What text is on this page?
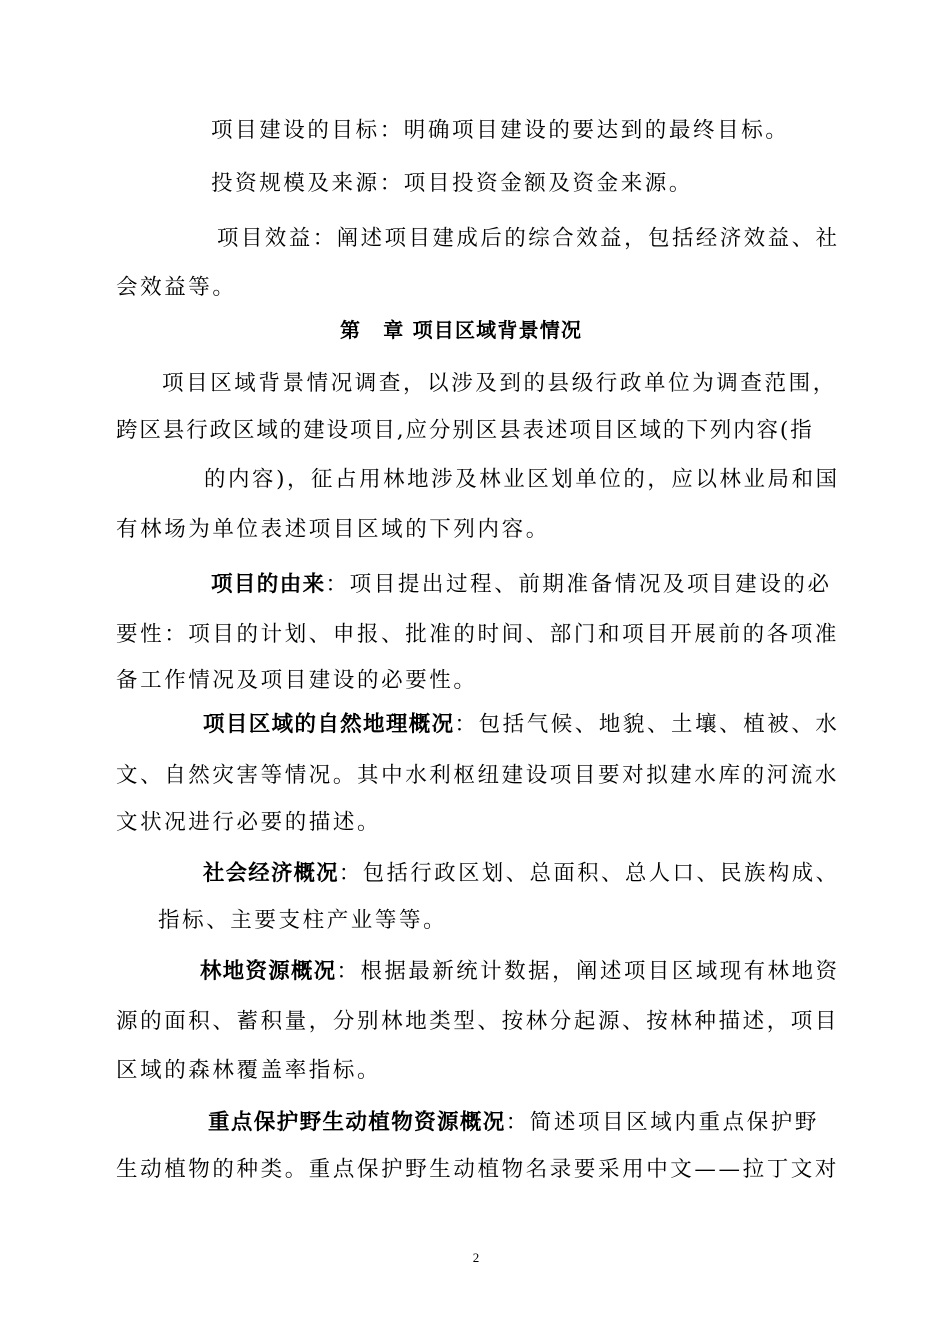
项目建设的目标：明确项目建设的要达到的最终目标。
投资规模及来源：项目投资金额及资金来源。
项目效益：阐述项目建成后的综合效益，包括经济效益、社
会效益等。
第 章 项目区域背景情况
项目区域背景情况调查，以涉及到的县级行政单位为调查范围，
跨区县行政区域的建设项目,应分别区县表述项目区域的下列内容(指
的内容)，征占用林地涉及林业区划单位的，应以林业局和国
有林场为单位表述项目区域的下列内容。
项目的由来：项目提出过程、前期准备情况及项目建设的必
要性：项目的计划、申报、批准的时间、部门和项目开展前的各项准
备工作情况及项目建设的必要性。
项目区域的自然地理概况：包括气候、地貌、土壤、植被、水
文、自然灾害等情况。其中水利枢纽建设项目要对拟建水库的河流水
文状况进行必要的描述。
社会经济概况：包括行政区划、总面积、总人口、民族构成、
指标、主要支柱产业等等。
林地资源概况：根据最新统计数据，阐述项目区域现有林地资
源的面积、蓄积量，分别林地类型、按林分起源、按林种描述，项目
区域的森林覆盖率指标。
重点保护野生动植物资源概况：简述项目区域内重点保护野
生动植物的种类。重点保护野生动植物名录要采用中文——拉丁文对
2
